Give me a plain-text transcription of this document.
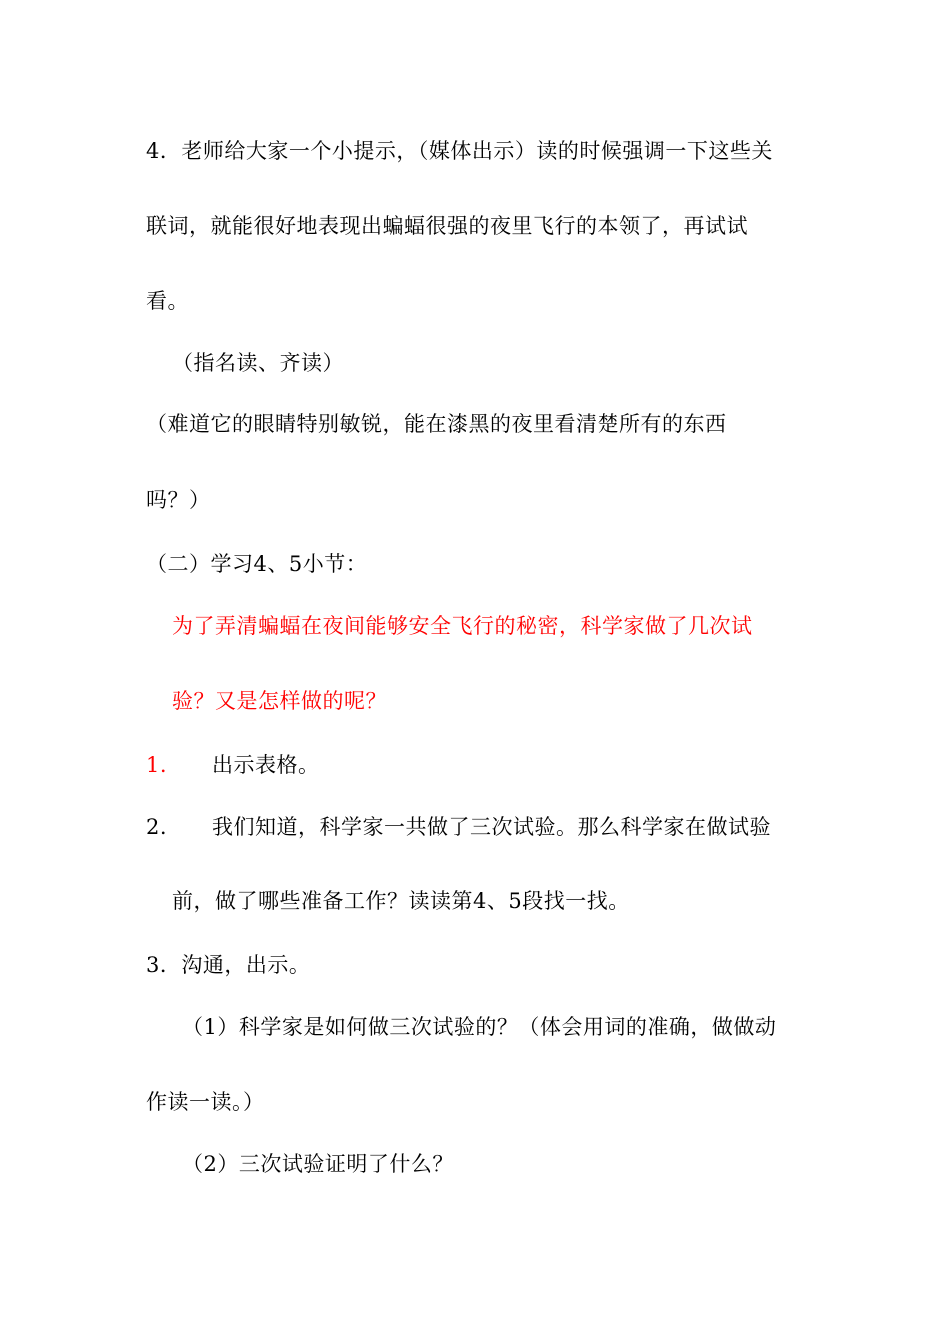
4．老师给大家一个小提示，（媒体出示）读的时候强调一下这些关
联词，就能很好地表现出蝙蝠很强的夜里飞行的本领了，再试试
看。
（指名读、齐读）
（难道它的眼睛特别敏锐，能在漆黑的夜里看清楚所有的东西
吗？）
（二）学习4、5小节：
为了弄清蝙蝠在夜间能够安全飞行的秘密，科学家做了几次试
验？又是怎样做的呢？
1. 出示表格。
2. 我们知道，科学家一共做了三次试验。那么科学家在做试验
前，做了哪些准备工作？读读第4、5段找一找。
3．沟通，出示。
（1）科学家是如何做三次试验的？（体会用词的准确，做做动
作读一读。）
（2）三次试验证明了什么？
